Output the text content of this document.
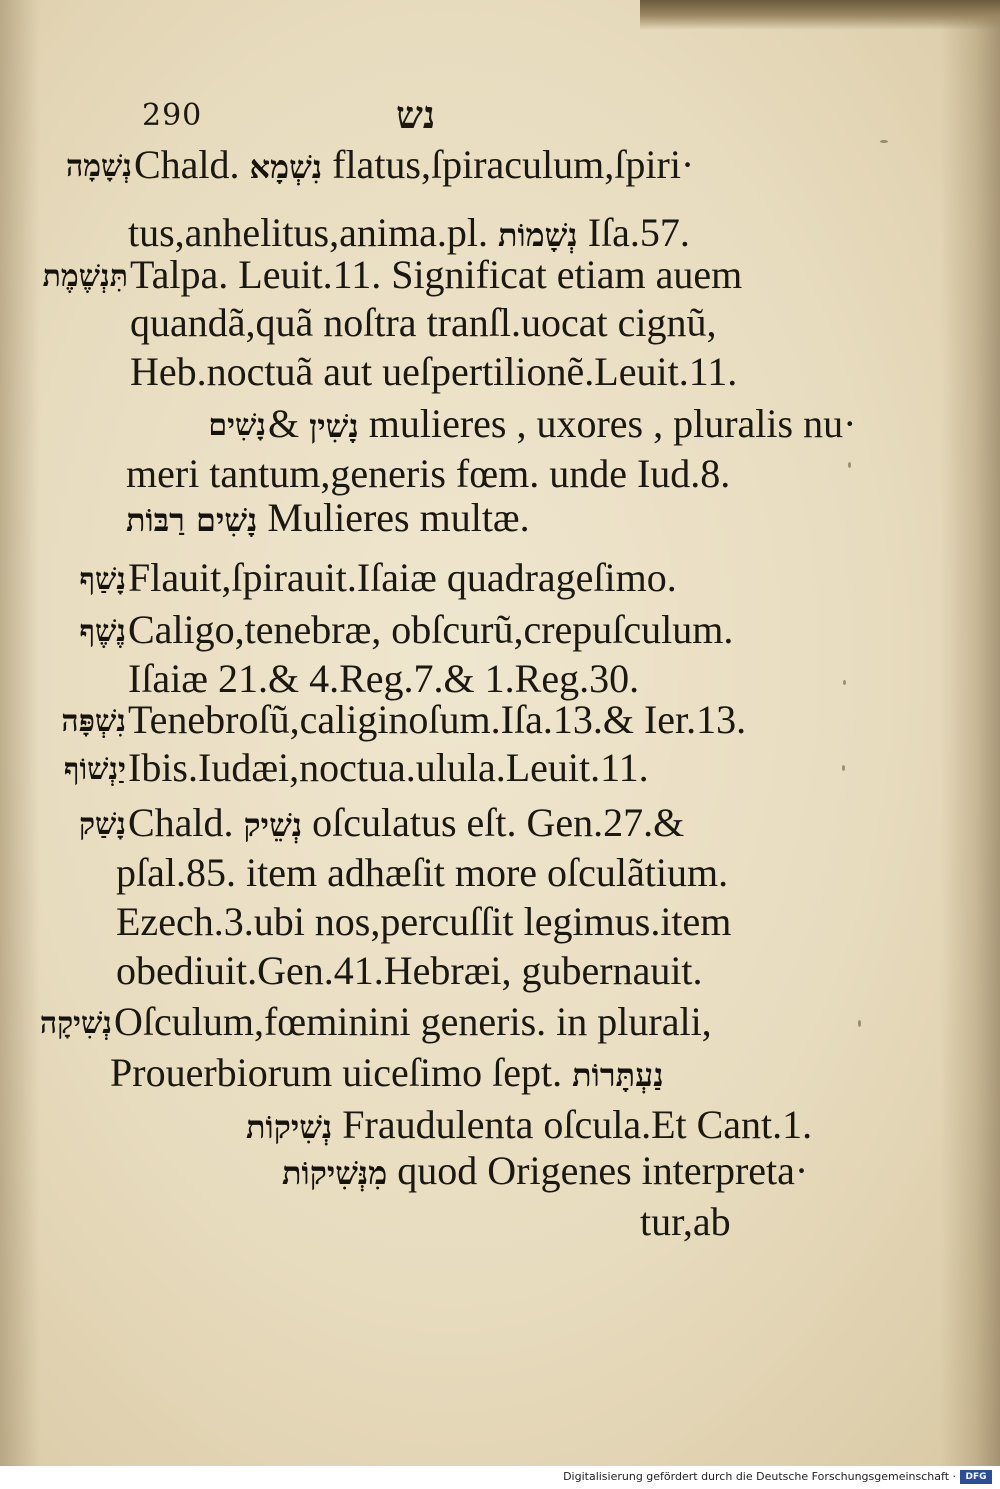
290	נש
נְשָׁמָה Chald. נִשְׁמָא flatus,ſpiraculum,ſpiri·
tus,anhelitus,anima.pl. נְשָׁמוֹת Iſa.57.
תִּנְשֶׁמֶת Talpa. Leuit.11. Significat etiam auem
quandã,quã noſtra tranſl.uocat cignũ,
Heb.noctuã aut ueſpertilionẽ.Leuit.11.
נָשִׁים & נָשִׁין mulieres , uxores , pluralis nu·
meri tantum,generis fœm. unde Iud.8.
נָשִׁים רַבּוֹת Mulieres multæ.
נָשַׁף Flauit,ſpirauit.Iſaiæ quadrageſimo.
נֶשֶׁף Caligo,tenebræ, obſcurũ,crepuſculum.
Iſaiæ 21.& 4.Reg.7.& 1.Reg.30.
נִשְׁפָּה Tenebroſũ,caliginoſum.Iſa.13.& Ier.13.
יַנְשׁוֹף Ibis.Iudæi,noctua.ulula.Leuit.11.
נָשַׁק Chald. נְשֵׁיק oſculatus eſt. Gen.27.&
pſal.85. item adhæſit more oſculãtium.
Ezech.3.ubi nos,percuſſit legimus.item
obediuit.Gen.41.Hebræi, gubernauit.
נְשִׁיקָה Oſculum,fœminini generis. in plurali,
Prouerbiorum uiceſimo ſept. נַעְתָּרוֹת
נְשִׁיקוֹת Fraudulenta oſcula.Et Cant.1.
מִנְּשִׁיקוֹת quod Origenes interpreta·
tur,ab
Digitalisierung gefördert durch die Deutsche Forschungsgemeinschaft ·	DFG
